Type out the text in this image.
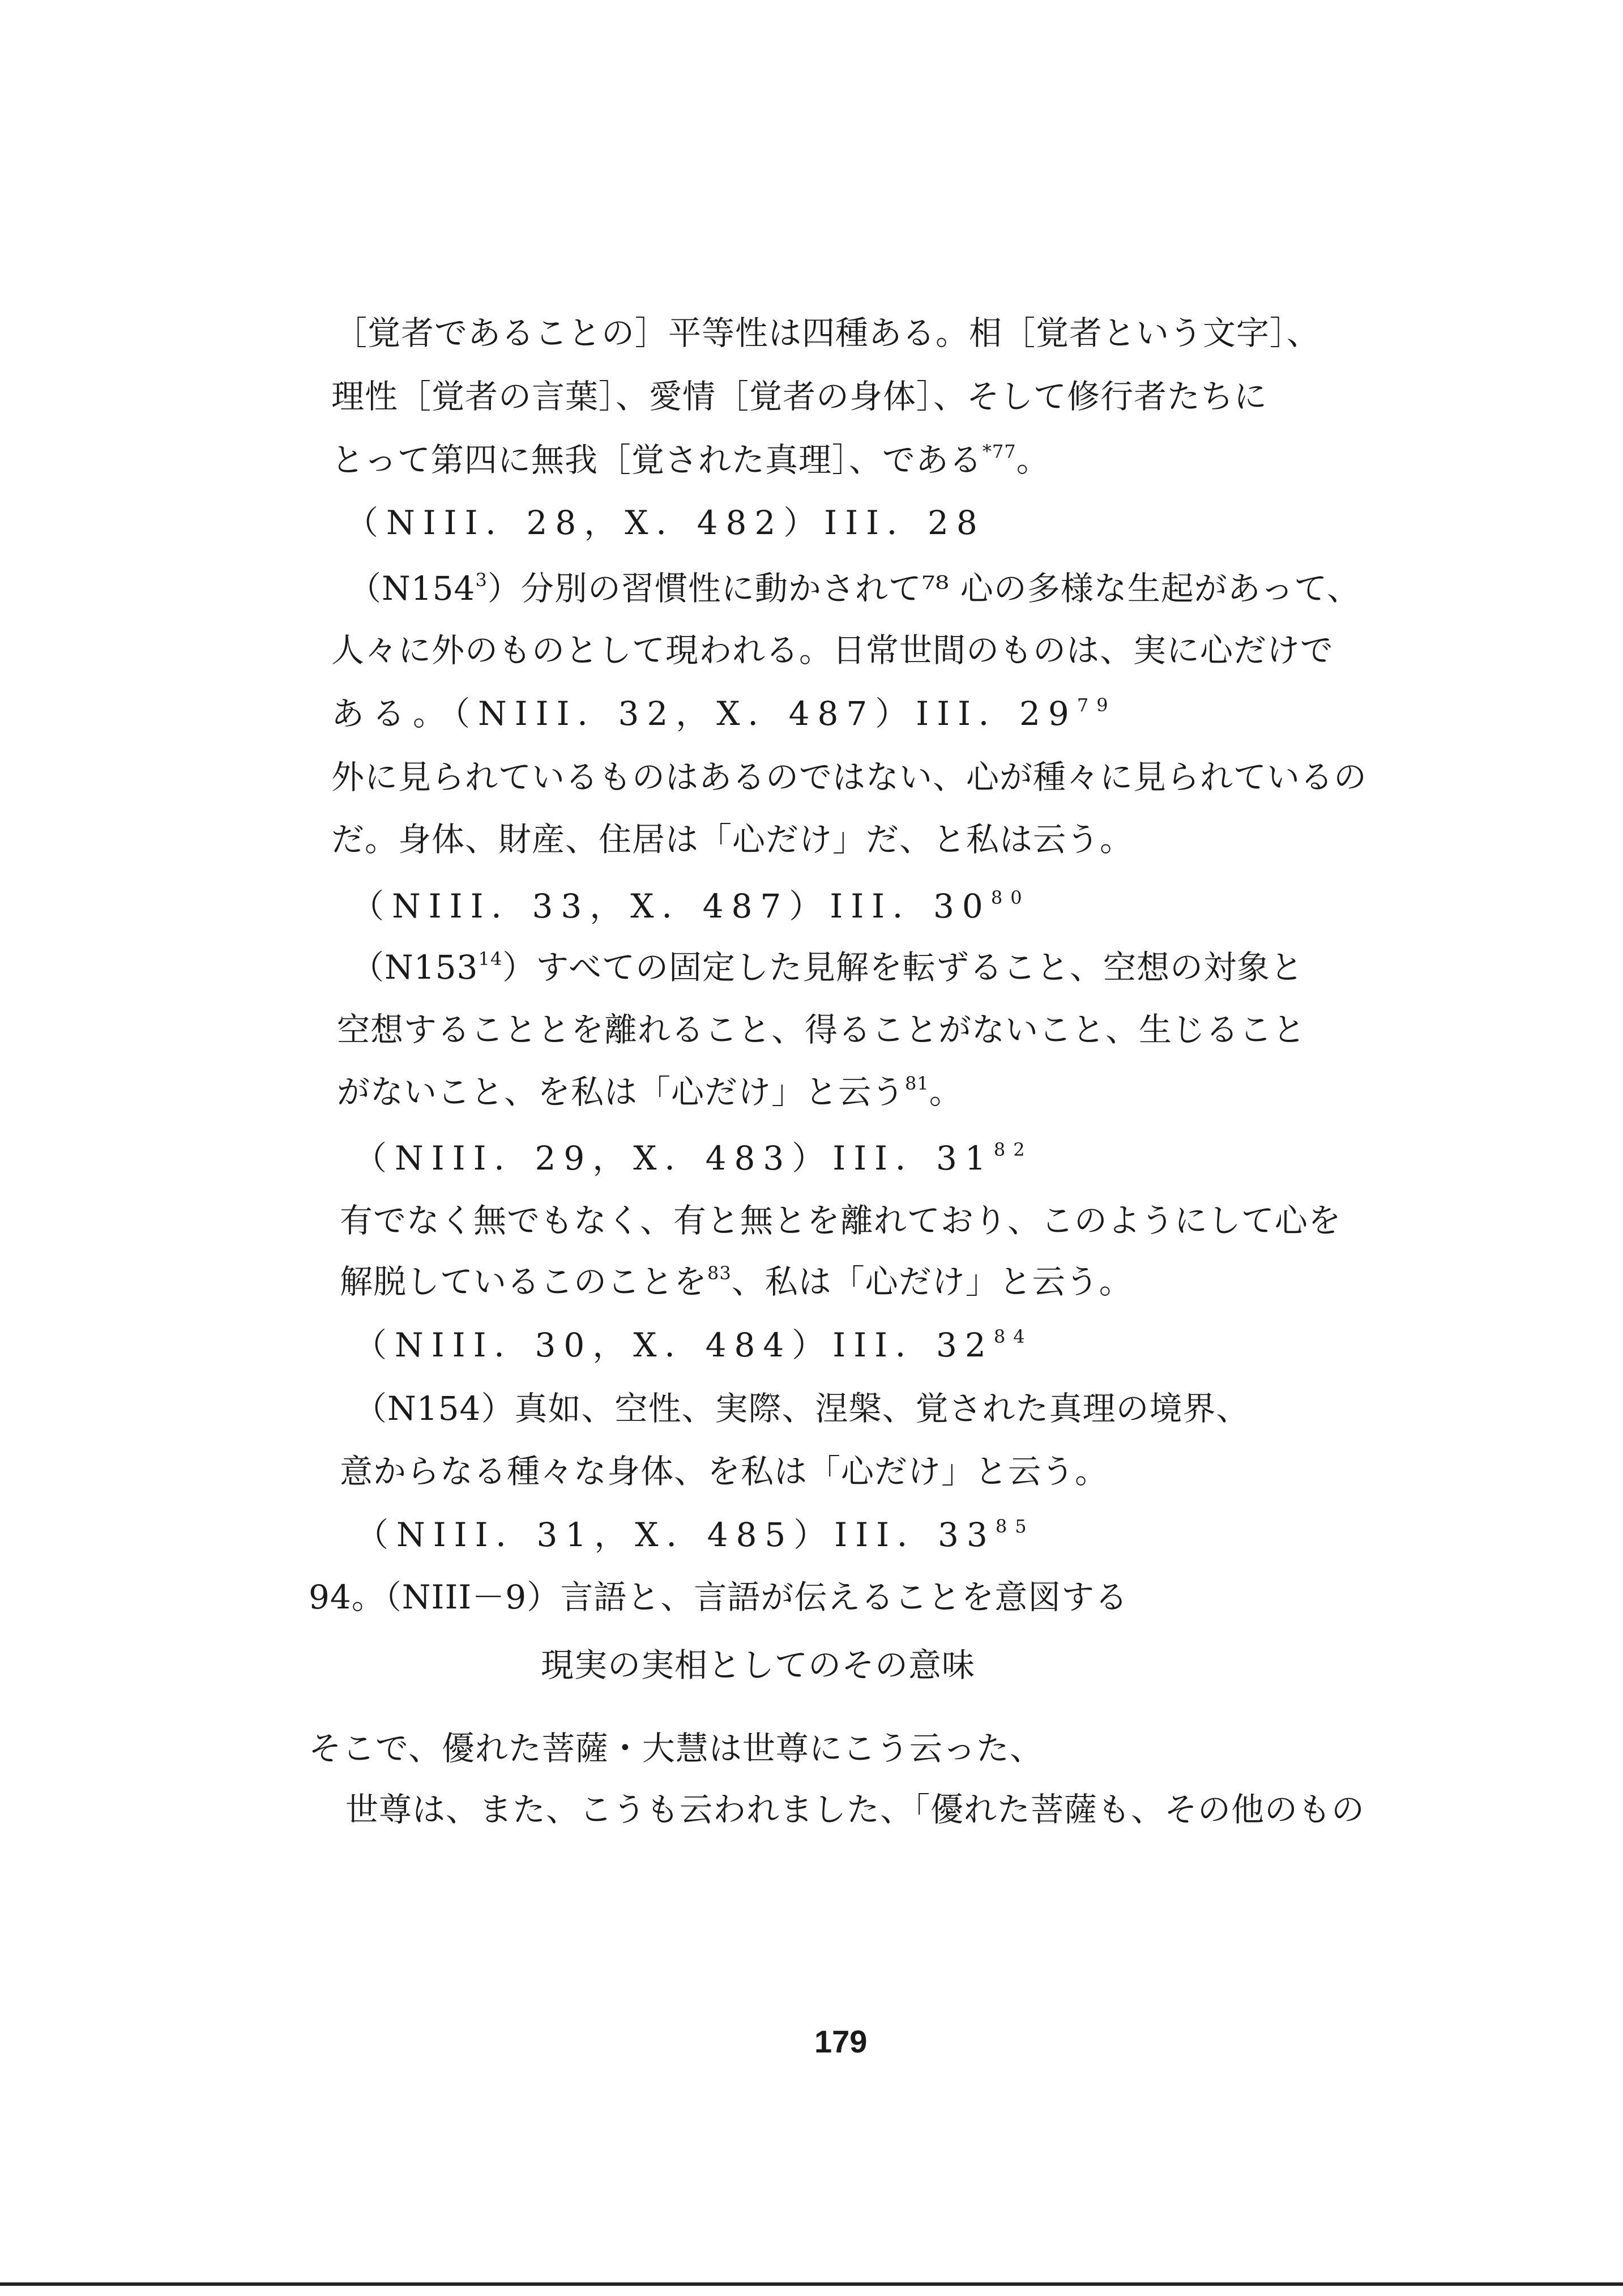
［覚者であることの］平等性は四種ある。相［覚者という文字］、
理性［覚者の言葉］、愛情［覚者の身体］、そして修行者たちに
とって第四に無我［覚された真理］、である$^{*77}$。
（NIII．28，X．482）III．28
$(N154^3)$分別の習慣性に動かされて⁷⁸ 心の多様な生起があって、
人々に外のものとして現われる。日常世間のものは、実に心だけで
ある。（NIII．32，X．487）III．$29^{79}$
外に見られているものはあるのではない、心が種々に見られているの
だ。身体、財産、住居は「心だけ」だ、と私は云う。
（NIII．33，X．487）III．$30^{80}$
$(N153^{14})$すべての固定した見解を転ずること、空想の対象と
空想することとを離れること、得ることがないこと、生じること
がないこと、を私は「心だけ」と云う$^{81}$。
（NIII．29，X．483）III．$31^{82}$
有でなく無でもなく、有と無とを離れており、このようにして心を
解脱しているこのことを$^{83}$、私は「心だけ」と云う。
（NIII．30，X．484）III．$32^{84}$
（N154）真如、空性、実際、涅槃、覚された真理の境界、
意からなる種々な身体、を私は「心だけ」と云う。
（NIII．31，X．485）III．$33^{85}$
94。（NIII－9）言語と、言語が伝えることを意図する
現実の実相としてのその意味
そこで、優れた菩薩・大慧は世尊にこう云った、
世尊は、また、こうも云われました、「優れた菩薩も、その他のもの
179
